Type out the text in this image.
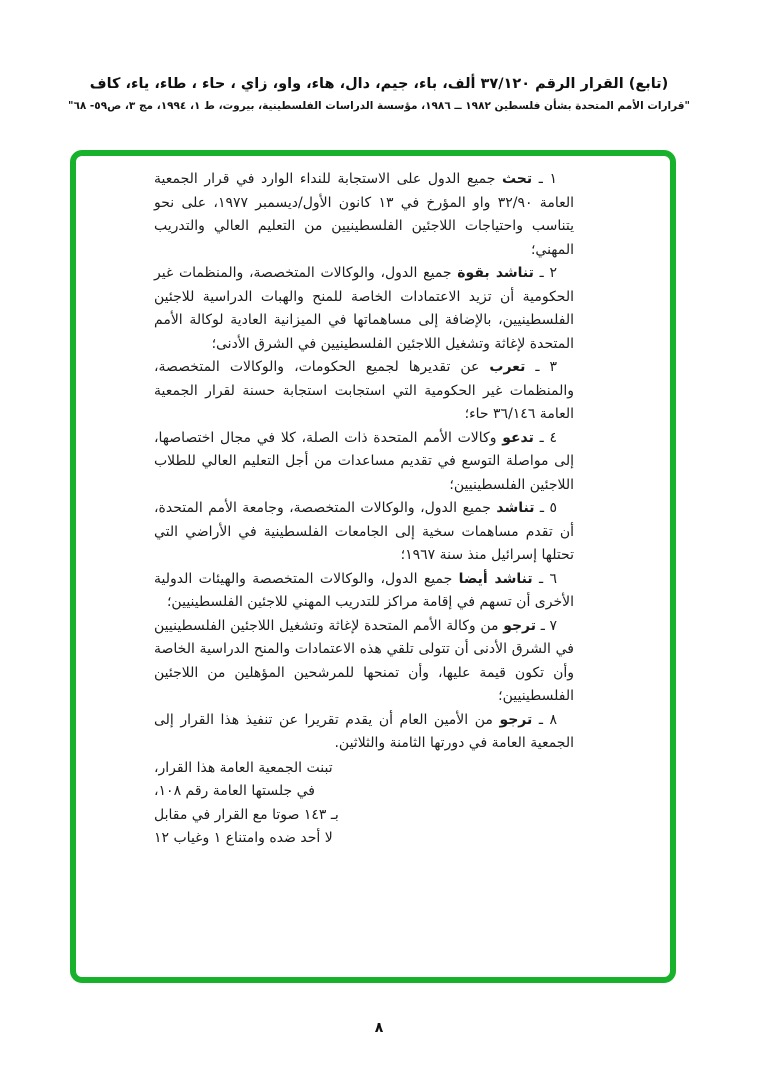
(تابع) القرار الرقم ٣٧/١٢٠ ألف، باء، جيم، دال، هاء، واو، زاي ، حاء ، طاء، ياء، كاف
"قرارات الأمم المتحدة بشأن فلسطين ١٩٨٢ ــ ١٩٨٦، مؤسسة الدراسات الفلسطينية، بيروت، ط ١، ١٩٩٤، مج ٣، ص٥٩- ٦٨"

١ ـ تحث جميع الدول على الاستجابة للنداء الوارد في قرار الجمعية العامة ٣٢/٩٠ واو المؤرخ في ١٣ كانون الأول/ديسمبر ١٩٧٧، على نحو يتناسب واحتياجات اللاجئين الفلسطينيين من التعليم العالي والتدريب المهني؛

٢ ـ تناشد بقوة جميع الدول، والوكالات المتخصصة، والمنظمات غير الحكومية أن تزيد الاعتمادات الخاصة للمنح والهبات الدراسية للاجئين الفلسطينيين، بالإضافة إلى مساهماتها في الميزانية العادية لوكالة الأمم المتحدة لإغاثة وتشغيل اللاجئين الفلسطينيين في الشرق الأدنى؛

٣ ـ تعرب عن تقديرها لجميع الحكومات، والوكالات المتخصصة، والمنظمات غير الحكومية التي استجابت استجابة حسنة لقرار الجمعية العامة ٣٦/١٤٦ حاء؛

٤ ـ تدعو وكالات الأمم المتحدة ذات الصلة، كلا في مجال اختصاصها، إلى مواصلة التوسع في تقديم مساعدات من أجل التعليم العالي للطلاب اللاجئين الفلسطينيين؛

٥ ـ تناشد جميع الدول، والوكالات المتخصصة، وجامعة الأمم المتحدة، أن تقدم مساهمات سخية إلى الجامعات الفلسطينية في الأراضي التي تحتلها إسرائيل منذ سنة ١٩٦٧؛

٦ ـ تناشد أيضا جميع الدول، والوكالات المتخصصة والهيئات الدولية الأخرى أن تسهم في إقامة مراكز للتدريب المهني للاجئين الفلسطينيين؛

٧ ـ ترجو من وكالة الأمم المتحدة لإغاثة وتشغيل اللاجئين الفلسطينيين في الشرق الأدنى أن تتولى تلقي هذه الاعتمادات والمنح الدراسية الخاصة وأن تكون قيمة عليها، وأن تمنحها للمرشحين المؤهلين من اللاجئين الفلسطينيين؛

٨ ـ ترجو من الأمين العام أن يقدم تقريرا عن تنفيذ هذا القرار إلى الجمعية العامة في دورتها الثامنة والثلاثين.

تبنت الجمعية العامة هذا القرار،
في جلستها العامة رقم ١٠٨،
بـ ١٤٣ صوتا مع القرار في مقابل
لا أحد ضده وامتناع ١ وغياب ١٢
٨
